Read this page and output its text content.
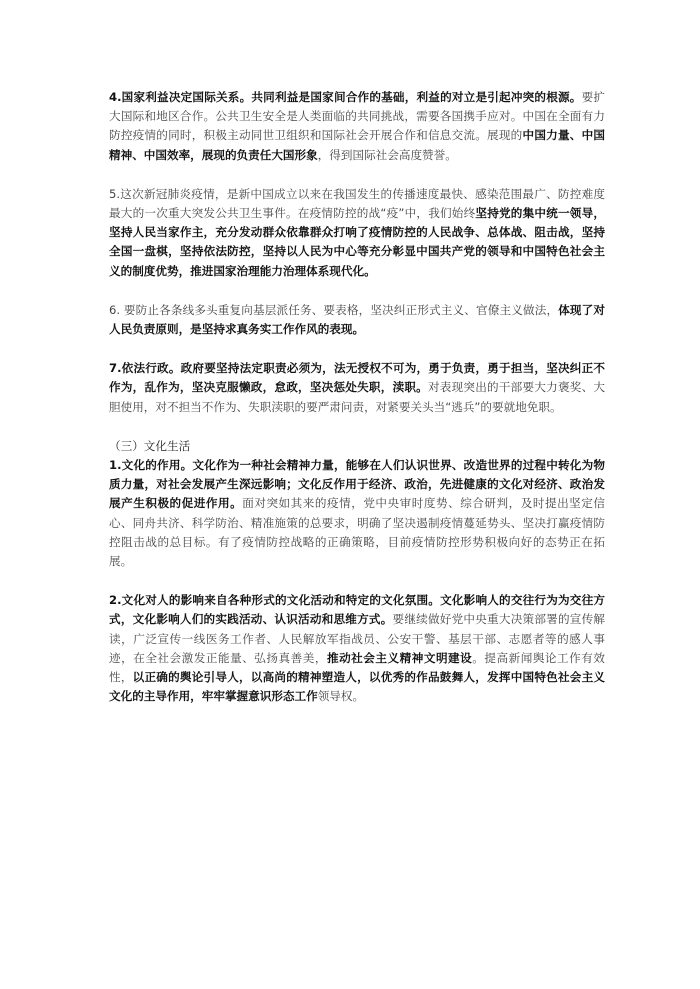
4.国家利益决定国际关系。共同利益是国家间合作的基础，利益的对立是引起冲突的根源。要扩大国际和地区合作。公共卫生安全是人类面临的共同挑战，需要各国携手应对。中国在全面有力防控疫情的同时，积极主动同世卫组织和国际社会开展合作和信息交流。展现的中国力量、中国精神、中国效率，展现的负责任大国形象，得到国际社会高度赞誉。

5.这次新冠肺炎疫情，是新中国成立以来在我国发生的传播速度最快、感染范围最广、防控难度最大的一次重大突发公共卫生事件。在疫情防控的战“疫”中，我们始终坚持党的集中统一领导，坚持人民当家作主，充分发动群众依靠群众打响了疫情防控的人民战争、总体战、阻击战，坚持全国一盘棋，坚持依法防控，坚持以人民为中心等充分彰显中国共产党的领导和中国特色社会主义的制度优势，推进国家治理能力治理体系现代化。

6. 要防止各条线多头重复向基层派任务、要表格，坚决纠正形式主义、官僚主义做法，体现了对人民负责原则，是坚持求真务实工作作风的表现。

7.依法行政。政府要坚持法定职责必须为，法无授权不可为，勇于负责，勇于担当，坚决纠正不作为，乱作为，坚决克服懒政，怠政，坚决惩处失职，渎职。对表现突出的干部要大力褒奖、大胆使用，对不担当不作为、失职渎职的要严肃问责，对紧要关头当“逃兵”的要就地免职。

（三）文化生活

1.文化的作用。文化作为一种社会精神力量，能够在人们认识世界、改造世界的过程中转化为物质力量，对社会发展产生深远影响；文化反作用于经济、政治，先进健康的文化对经济、政治发展产生积极的促进作用。面对突如其来的疫情，党中央审时度势、综合研判，及时提出坚定信心、同舟共济、科学防治、精准施策的总要求，明确了坚决遏制疫情蔓延势头、坚决打赢疫情防控阻击战的总目标。有了疫情防控战略的正确策略，目前疫情防控形势积极向好的态势正在拓展。

2.文化对人的影响来自各种形式的文化活动和特定的文化氛围。文化影响人的交往行为为交往方式，文化影响人们的实践活动、认识活动和思维方式。要继续做好党中央重大决策部署的宣传解读，广泛宣传一线医务工作者、人民解放军指战员、公安干警、基层干部、志愿者等的感人事迹，在全社会激发正能量、弘扬真善美，推动社会主义精神文明建设。提高新闻舆论工作有效性，以正确的舆论引导人，以高尚的精神塑造人，以优秀的作品鼓舞人，发挥中国特色社会主义文化的主导作用，牢牢掌握意识形态工作领导权。
